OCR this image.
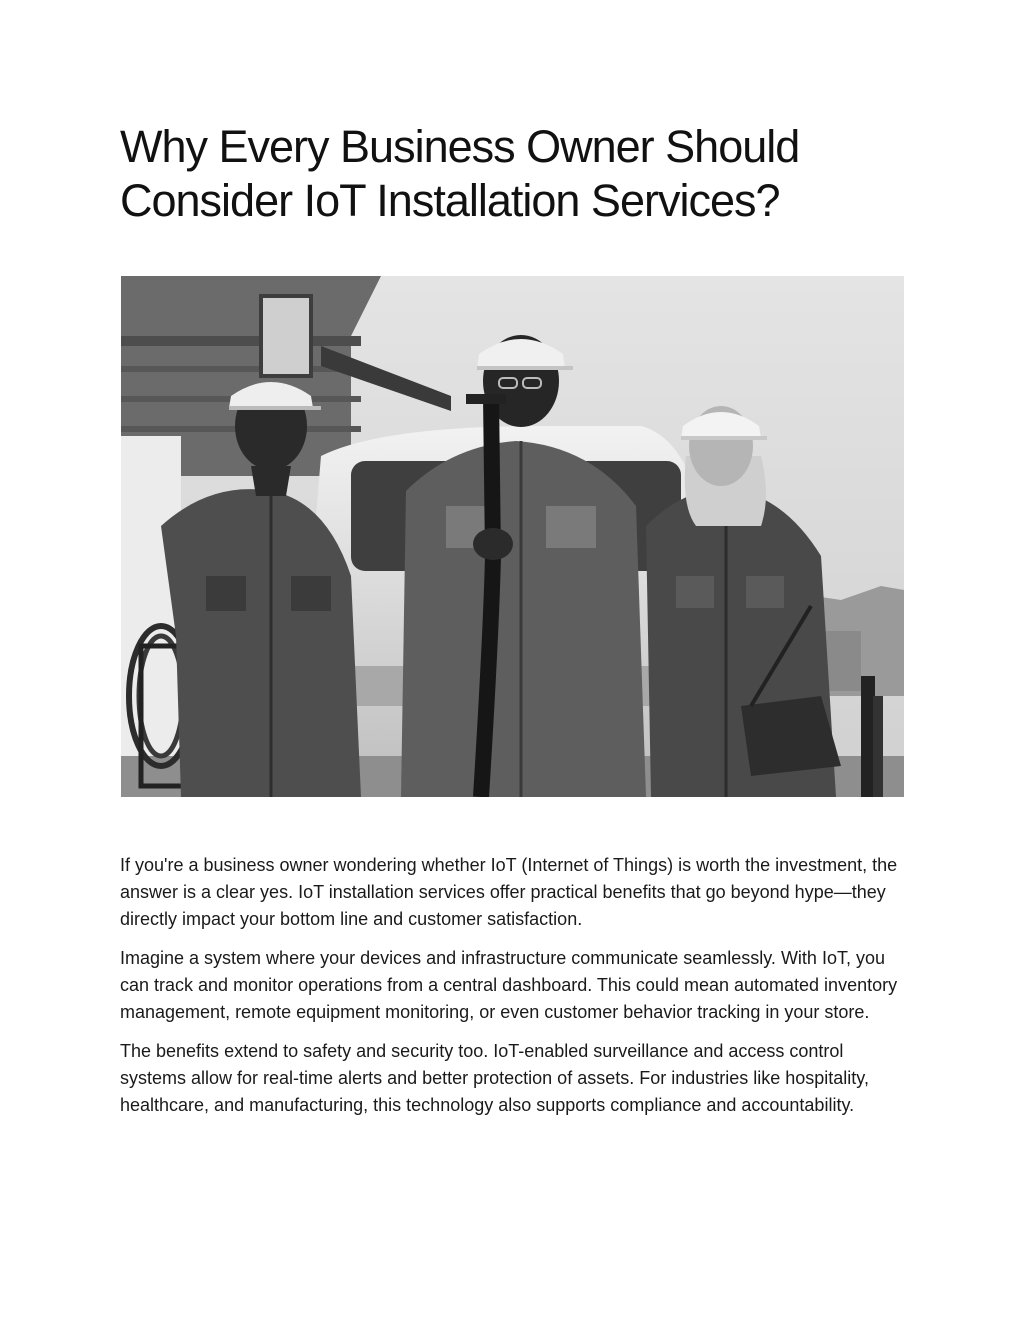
Why Every Business Owner Should Consider IoT Installation Services?

If you're a business owner wondering whether IoT (Internet of Things) is worth the investment, the answer is a clear yes. IoT installation services offer practical benefits that go beyond hype—they directly impact your bottom line and customer satisfaction.

Imagine a system where your devices and infrastructure communicate seamlessly. With IoT, you can track and monitor operations from a central dashboard. This could mean automated inventory management, remote equipment monitoring, or even customer behavior tracking in your store.

The benefits extend to safety and security too. IoT-enabled surveillance and access control systems allow for real-time alerts and better protection of assets. For industries like hospitality, healthcare, and manufacturing, this technology also supports compliance and accountability.
